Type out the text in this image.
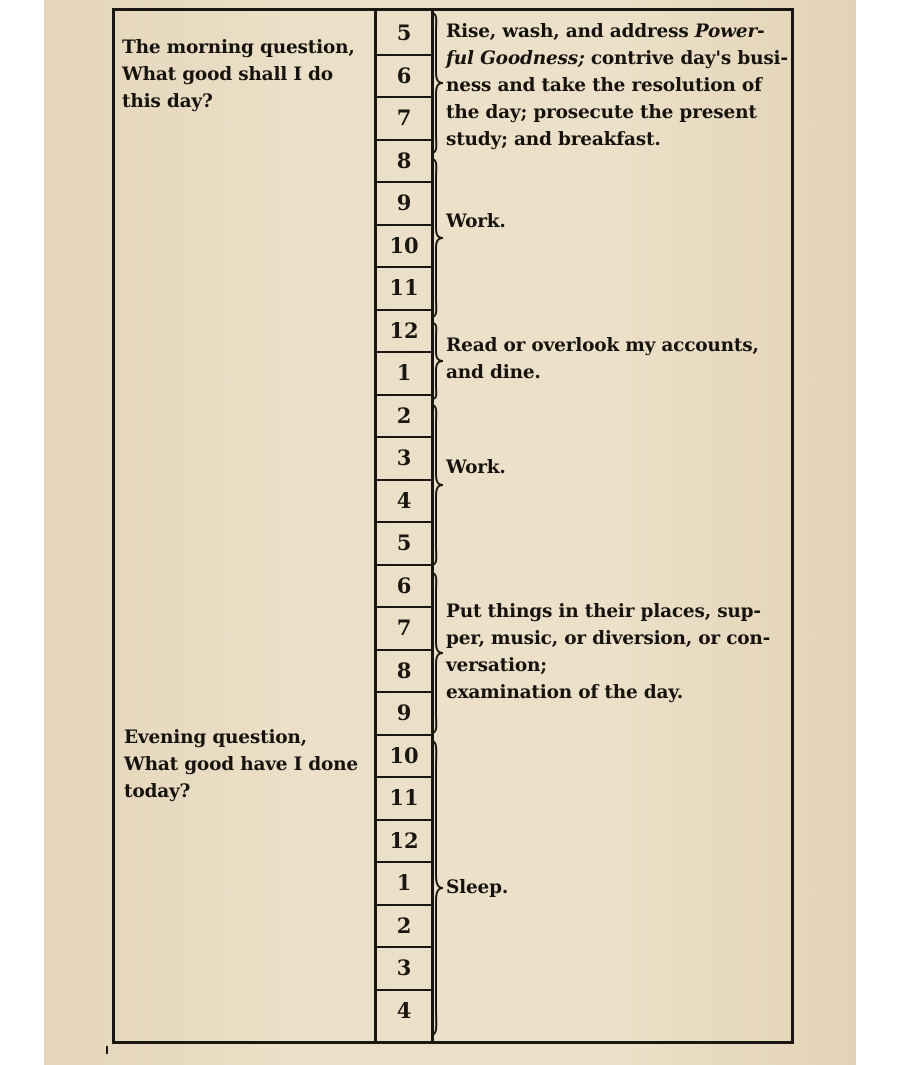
5
6
7
8
9
10
11
12
1
2
3
4
5
6
7
8
9
10
11
12
1
2
3
4
The morning question,
What good shall I do
this day?
Evening question,
What good have I done
today?
Rise, wash, and address Power-
ful Goodness; contrive day's busi-
ness and take the resolution of
the day; prosecute the present
study; and breakfast.
Work.
Read or overlook my accounts,
and dine.
Work.
Put things in their places, sup-
per, music, or diversion, or con-
versation;
examination of the day.
Sleep.
